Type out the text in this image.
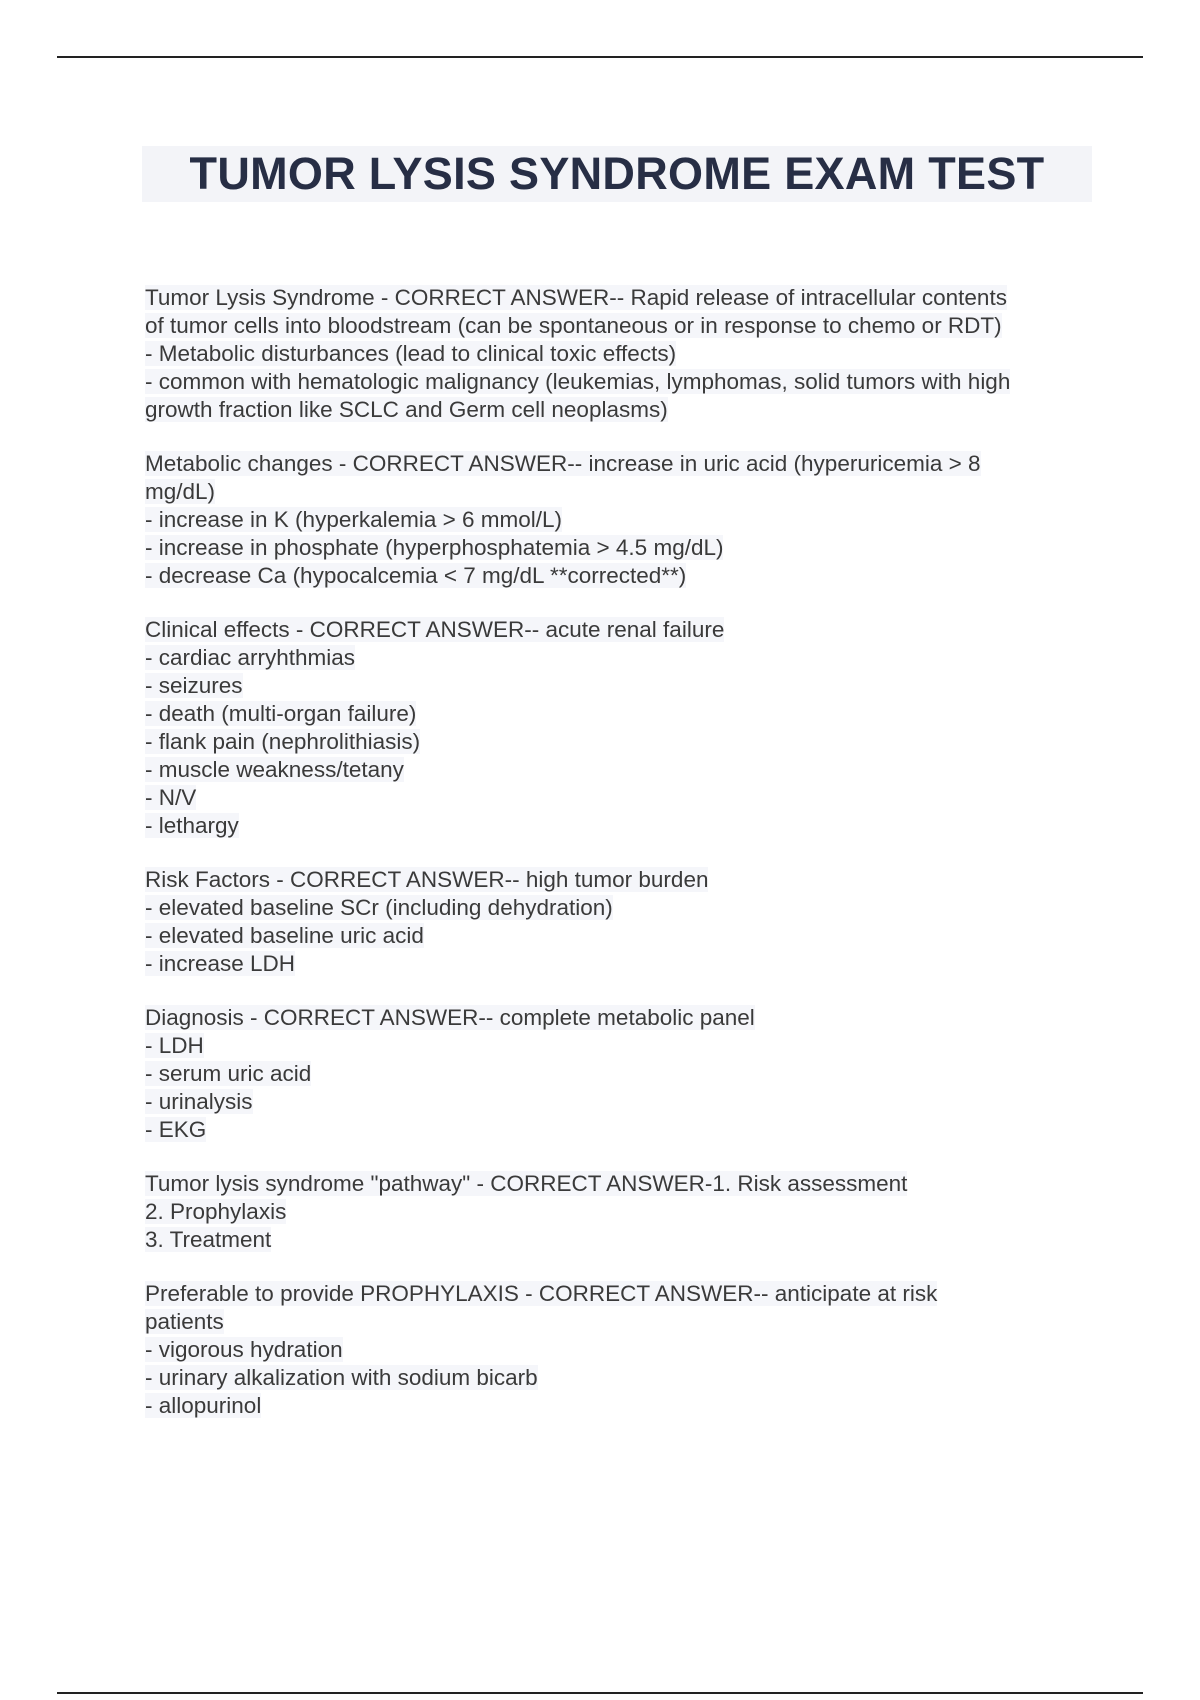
TUMOR LYSIS SYNDROME EXAM TEST
Tumor Lysis Syndrome - CORRECT ANSWER-- Rapid release of intracellular contents
of tumor cells into bloodstream (can be spontaneous or in response to chemo or RDT)
- Metabolic disturbances (lead to clinical toxic effects)
- common with hematologic malignancy (leukemias, lymphomas, solid tumors with high
growth fraction like SCLC and Germ cell neoplasms)
Metabolic changes - CORRECT ANSWER-- increase in uric acid (hyperuricemia > 8
mg/dL)
- increase in K (hyperkalemia > 6 mmol/L)
- increase in phosphate (hyperphosphatemia > 4.5 mg/dL)
- decrease Ca (hypocalcemia < 7 mg/dL **corrected**)
Clinical effects - CORRECT ANSWER-- acute renal failure
- cardiac arryhthmias
- seizures
- death (multi-organ failure)
- flank pain (nephrolithiasis)
- muscle weakness/tetany
- N/V
- lethargy
Risk Factors - CORRECT ANSWER-- high tumor burden
- elevated baseline SCr (including dehydration)
- elevated baseline uric acid
- increase LDH
Diagnosis - CORRECT ANSWER-- complete metabolic panel
- LDH
- serum uric acid
- urinalysis
- EKG
Tumor lysis syndrome "pathway" - CORRECT ANSWER-1. Risk assessment
2. Prophylaxis
3. Treatment
Preferable to provide PROPHYLAXIS - CORRECT ANSWER-- anticipate at risk
patients
- vigorous hydration
- urinary alkalization with sodium bicarb
- allopurinol
